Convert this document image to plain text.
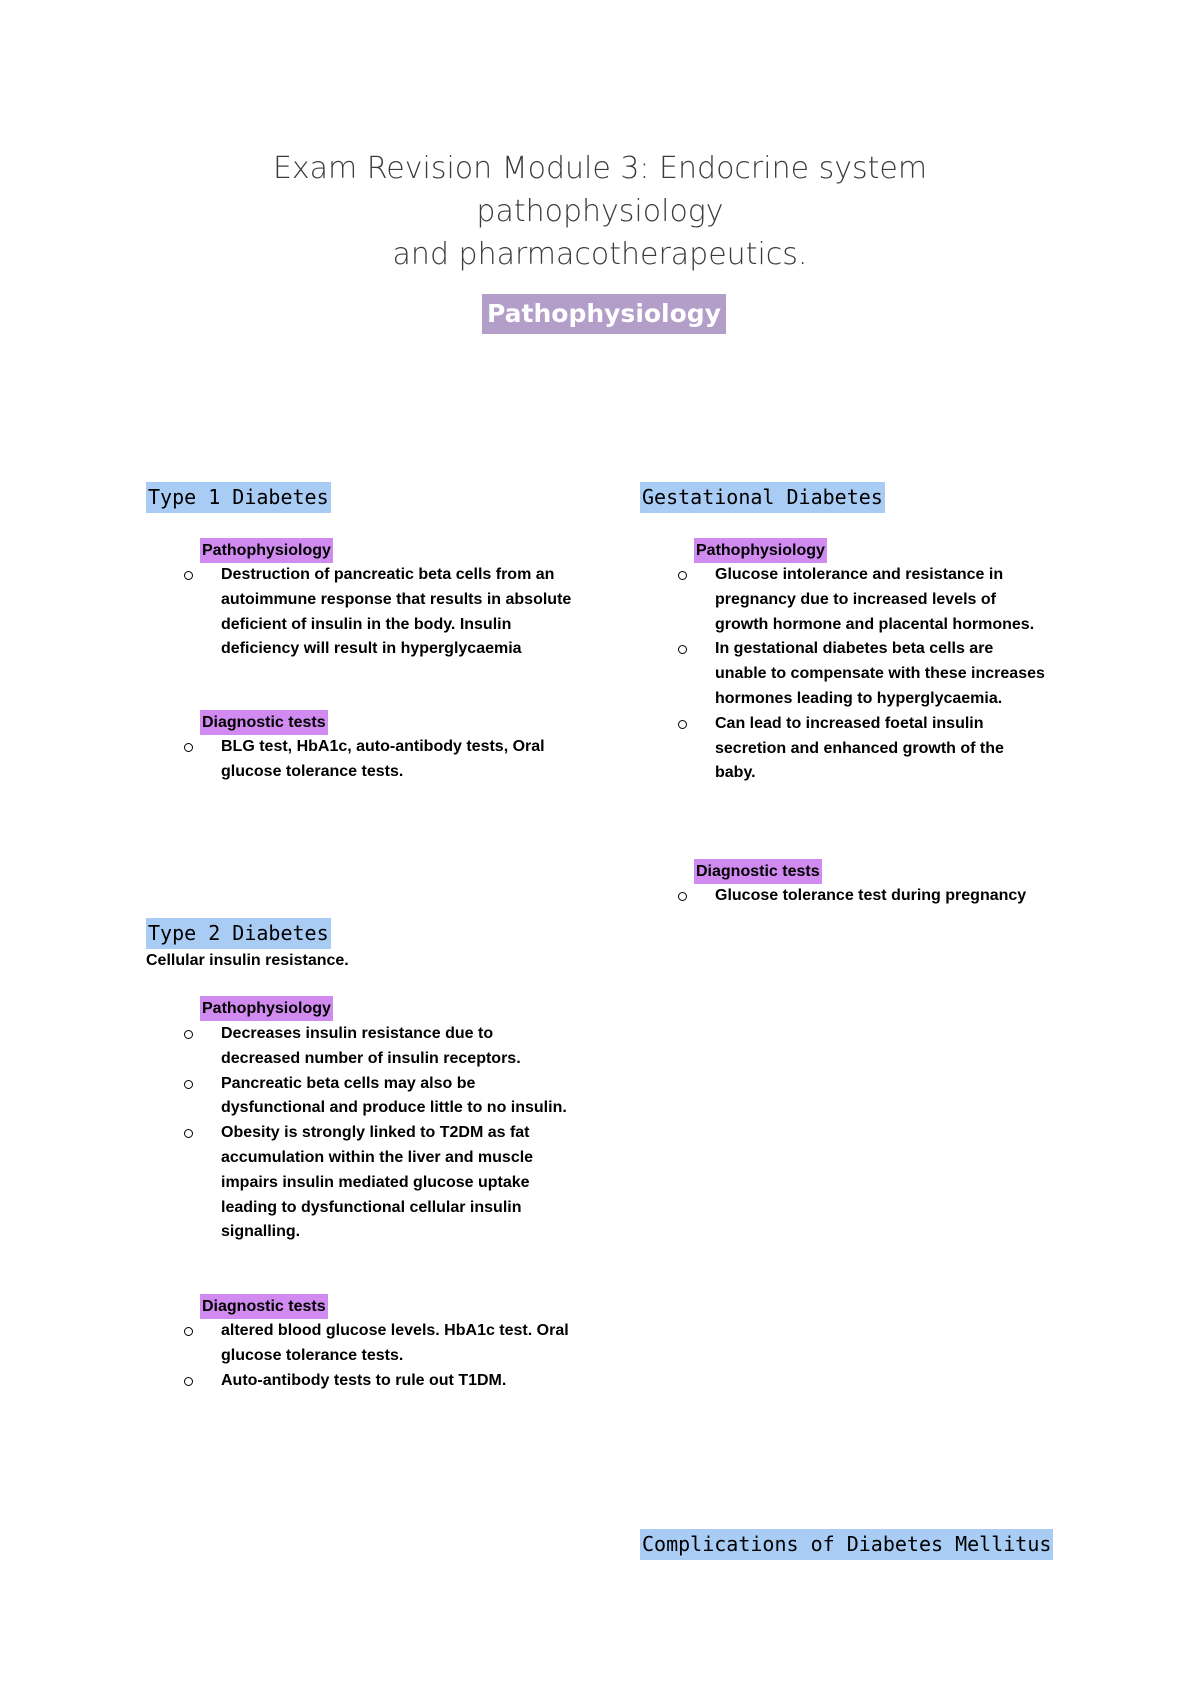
Exam Revision Module 3: Endocrine system pathophysiology
and pharmacotherapeutics.
Pathophysiology
Type 1 Diabetes
Pathophysiology
Destruction of pancreatic beta cells from an autoimmune response that results in absolute deficient of insulin in the body. Insulin deficiency will result in hyperglycaemia
Diagnostic tests
BLG test, HbA1c, auto-antibody tests, Oral glucose tolerance tests.
Gestational Diabetes
Pathophysiology
Glucose intolerance and resistance in pregnancy due to increased levels of growth hormone and placental hormones.
In gestational diabetes beta cells are unable to compensate with these increases hormones leading to hyperglycaemia.
Can lead to increased foetal insulin secretion and enhanced growth of the baby.
Diagnostic tests
Glucose tolerance test during pregnancy
Type 2 Diabetes
Cellular insulin resistance.
Pathophysiology
Decreases insulin resistance due to decreased number of insulin receptors.
Pancreatic beta cells may also be dysfunctional and produce little to no insulin.
Obesity is strongly linked to T2DM as fat accumulation within the liver and muscle impairs insulin mediated glucose uptake leading to dysfunctional cellular insulin signalling.
Diagnostic tests
altered blood glucose levels. HbA1c test. Oral glucose tolerance tests.
Auto-antibody tests to rule out T1DM.
Complications of Diabetes Mellitus
